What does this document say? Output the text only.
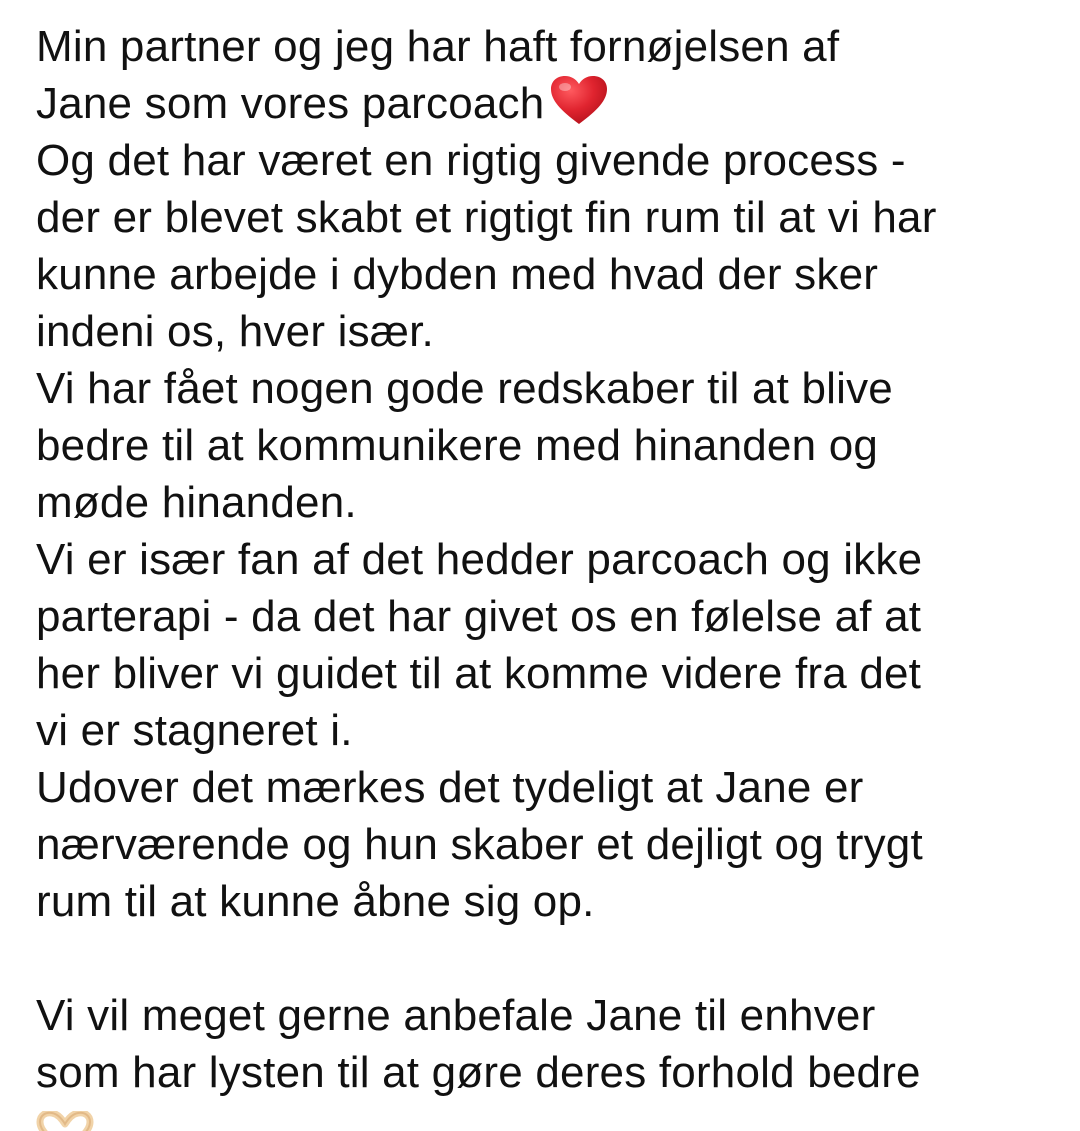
Min partner og jeg har haft fornøjelsen af
Jane som vores parcoach
Og det har været en rigtig givende process -
der er blevet skabt et rigtigt fin rum til at vi har
kunne arbejde i dybden med hvad der sker
indeni os, hver især.
Vi har fået nogen gode redskaber til at blive
bedre til at kommunikere med hinanden og
møde hinanden.
Vi er især fan af det hedder parcoach og ikke
parterapi - da det har givet os en følelse af at
her bliver vi guidet til at komme videre fra det
vi er stagneret i.
Udover det mærkes det tydeligt at Jane er
nærværende og hun skaber et dejligt og trygt
rum til at kunne åbne sig op.
Vi vil meget gerne anbefale Jane til enhver
som har lysten til at gøre deres forhold bedre
